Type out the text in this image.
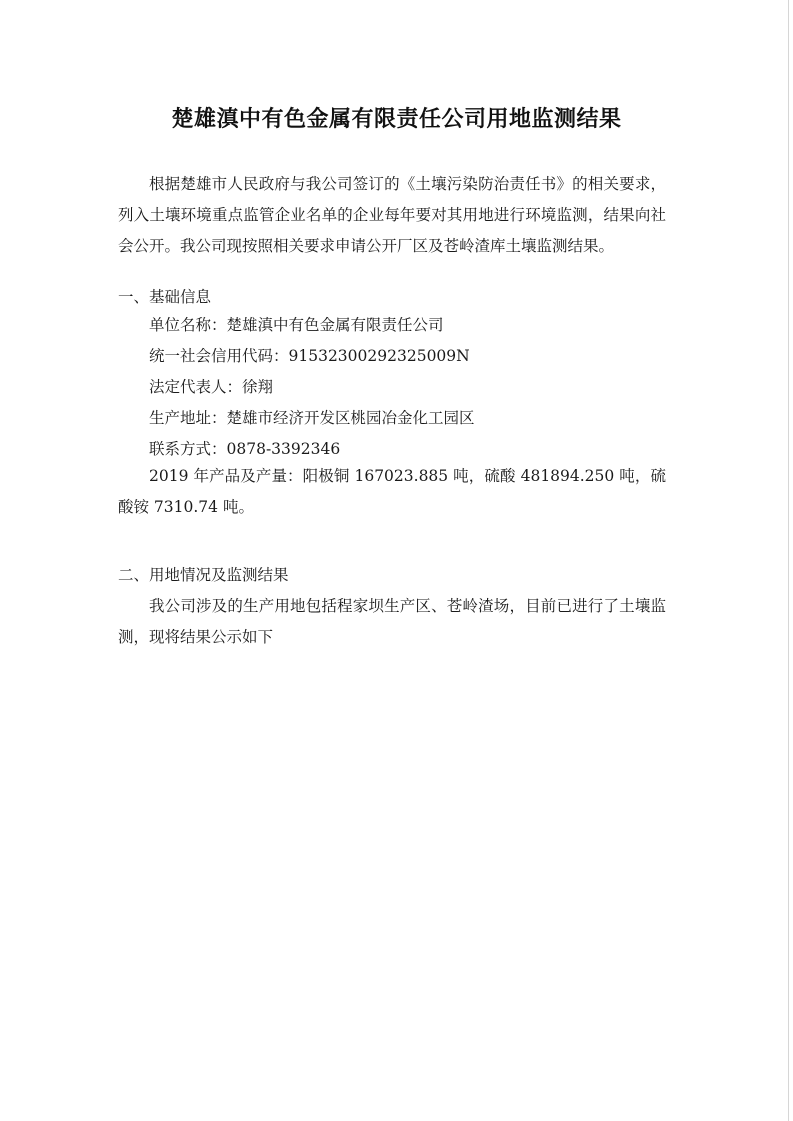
楚雄滇中有色金属有限责任公司用地监测结果

根据楚雄市人民政府与我公司签订的《土壤污染防治责任书》的相关要求，列入土壤环境重点监管企业名单的企业每年要对其用地进行环境监测，结果向社会公开。我公司现按照相关要求申请公开厂区及苍岭渣库土壤监测结果。

一、基础信息

单位名称：楚雄滇中有色金属有限责任公司

统一社会信用代码：91532300292325009N

法定代表人：徐翔

生产地址：楚雄市经济开发区桃园冶金化工园区

联系方式：0878-3392346

2019 年产品及产量：阳极铜 167023.885 吨，硫酸 481894.250 吨，硫酸铵 7310.74 吨。

二、用地情况及监测结果

我公司涉及的生产用地包括程家坝生产区、苍岭渣场，目前已进行了土壤监测，现将结果公示如下
